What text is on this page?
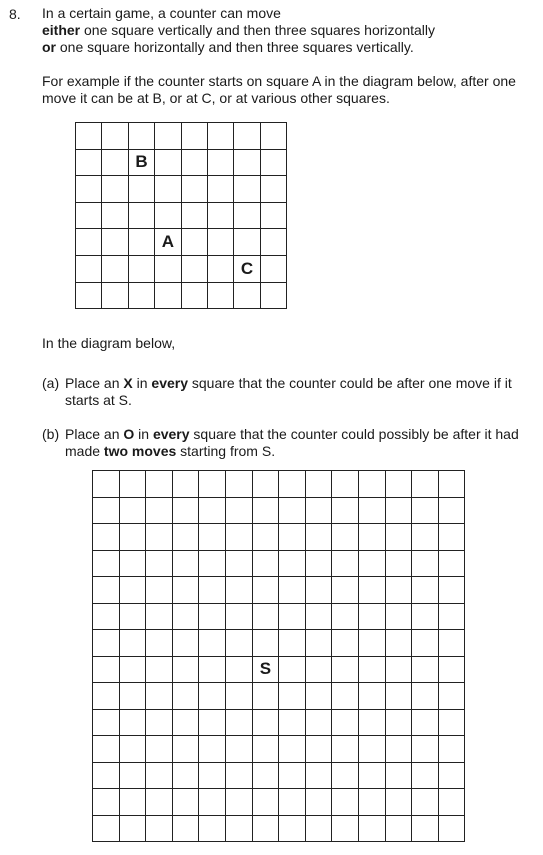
8. In a certain game, a counter can move
either one square vertically and then three squares horizontally
or one square horizontally and then three squares vertically.
For example if the counter starts on square A in the diagram below, after one
move it can be at B, or at C, or at various other squares.

		B					

			A				
						C	

In the diagram below,
(a) Place an X in every square that the counter could be after one move if it
starts at S.
(b) Place an O in every square that the counter could possibly be after it had
made two moves starting from S.

						S							
